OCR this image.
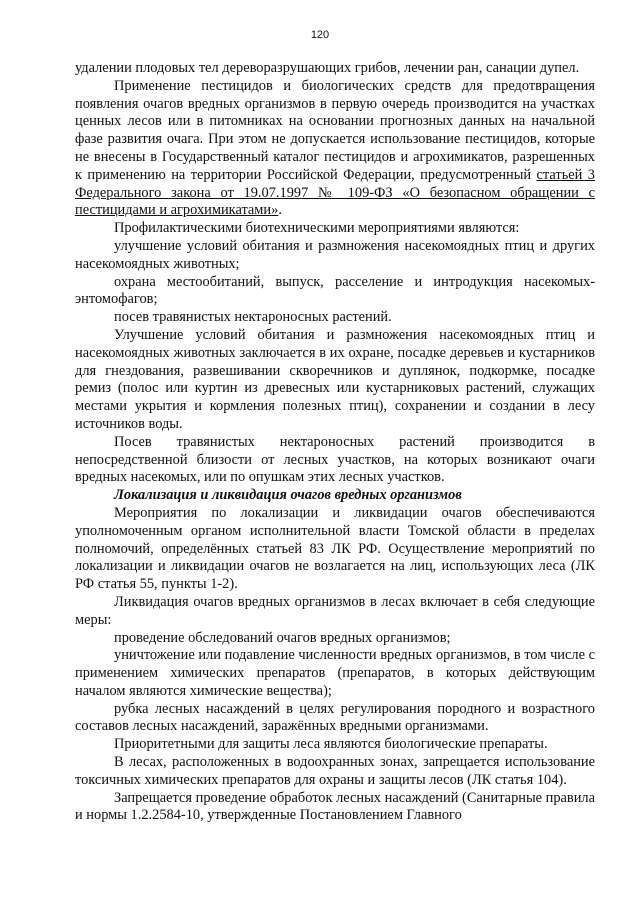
120

удалении плодовых тел дереворазрушающих грибов, лечении ран, санации дупел.

Применение пестицидов и биологических средств для предотвращения появления очагов вредных организмов в первую очередь производится на участках ценных лесов или в питомниках на основании прогнозных данных на начальной фазе развития очага. При этом не допускается использование пестицидов, которые не внесены в Государственный каталог пестицидов и агрохимикатов, разрешенных к применению на территории Российской Федерации, предусмотренный статьей 3 Федерального закона от 19.07.1997 № 109-ФЗ «О безопасном обращении с пестицидами и агрохимикатами».

Профилактическими биотехническими мероприятиями являются:

улучшение условий обитания и размножения насекомоядных птиц и других насекомоядных животных;

охрана местообитаний, выпуск, расселение и интродукция насекомых-энтомофагов;

посев травянистых нектароносных растений.

Улучшение условий обитания и размножения насекомоядных птиц и насекомоядных животных заключается в их охране, посадке деревьев и кустарников для гнездования, развешивании скворечников и дуплянок, подкормке, посадке ремиз (полос или куртин из древесных или кустарниковых растений, служащих местами укрытия и кормления полезных птиц), сохранении и создании в лесу источников воды.

Посев травянистых нектароносных растений производится в непосредственной близости от лесных участков, на которых возникают очаги вредных насекомых, или по опушкам этих лесных участков.

Локализация и ликвидация очагов вредных организмов

Мероприятия по локализации и ликвидации очагов обеспечиваются уполномоченным органом исполнительной власти Томской области в пределах полномочий, определённых статьей 83 ЛК РФ. Осуществление мероприятий по локализации и ликвидации очагов не возлагается на лиц, использующих леса (ЛК РФ статья 55, пункты 1-2).

Ликвидация очагов вредных организмов в лесах включает в себя следующие меры:

проведение обследований очагов вредных организмов;

уничтожение или подавление численности вредных организмов, в том числе с применением химических препаратов (препаратов, в которых действующим началом являются химические вещества);

рубка лесных насаждений в целях регулирования породного и возрастного составов лесных насаждений, заражённых вредными организмами.

Приоритетными для защиты леса являются биологические препараты.

В лесах, расположенных в водоохранных зонах, запрещается использование токсичных химических препаратов для охраны и защиты лесов (ЛК статья 104).

Запрещается проведение обработок лесных насаждений (Санитарные правила и нормы 1.2.2584-10, утвержденные Постановлением Главного
